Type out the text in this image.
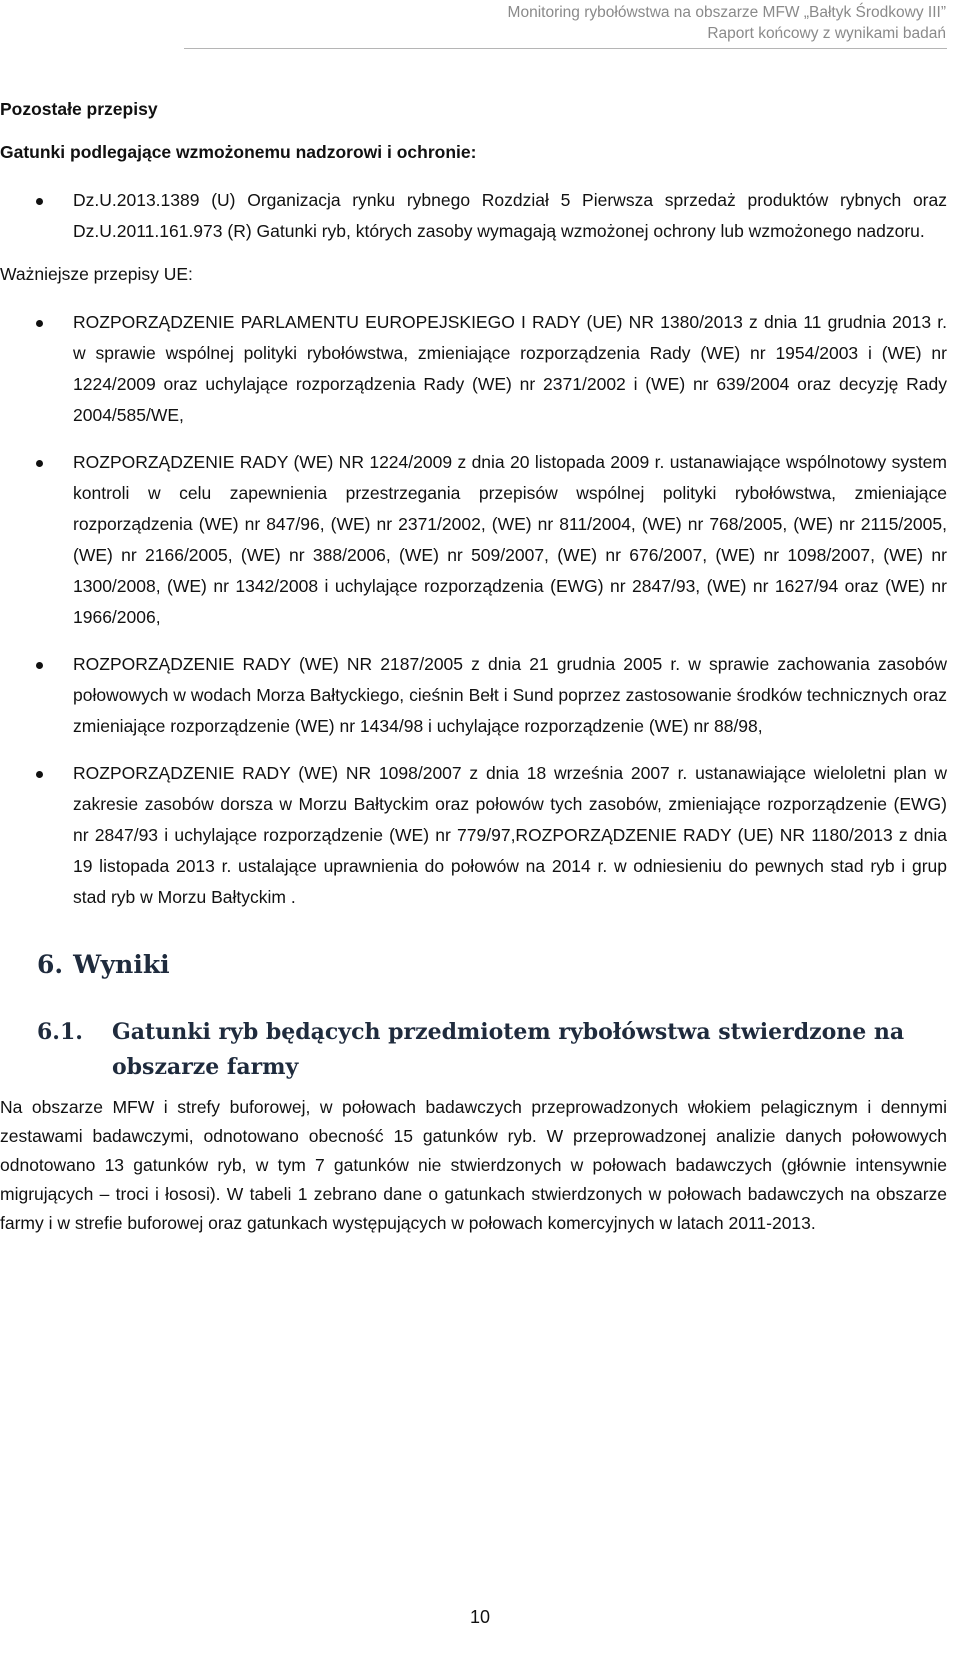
Monitoring rybołówstwa na obszarze MFW „Bałtyk Środkowy III”
Raport końcowy z wynikami badań

Pozostałe przepisy

Gatunki podlegające wzmożonemu nadzorowi i ochronie:

Dz.U.2013.1389 (U) Organizacja rynku rybnego Rozdział 5 Pierwsza sprzedaż produktów rybnych oraz Dz.U.2011.161.973 (R) Gatunki ryb, których zasoby wymagają wzmożonej ochrony lub wzmożonego nadzoru.

Ważniejsze przepisy UE:

ROZPORZĄDZENIE PARLAMENTU EUROPEJSKIEGO I RADY (UE) NR 1380/2013 z dnia 11 grudnia 2013 r. w sprawie wspólnej polityki rybołówstwa, zmieniające rozporządzenia Rady (WE) nr 1954/2003 i (WE) nr 1224/2009 oraz uchylające rozporządzenia Rady (WE) nr 2371/2002 i (WE) nr 639/2004 oraz decyzję Rady 2004/585/WE,
ROZPORZĄDZENIE RADY (WE) NR 1224/2009 z dnia 20 listopada 2009 r. ustanawiające wspólnotowy system kontroli w celu zapewnienia przestrzegania przepisów wspólnej polityki rybołówstwa, zmieniające rozporządzenia (WE) nr 847/96, (WE) nr 2371/2002, (WE) nr 811/2004, (WE) nr 768/2005, (WE) nr 2115/2005, (WE) nr 2166/2005, (WE) nr 388/2006, (WE) nr 509/2007, (WE) nr 676/2007, (WE) nr 1098/2007, (WE) nr 1300/2008, (WE) nr 1342/2008 i uchylające rozporządzenia (EWG) nr 2847/93, (WE) nr 1627/94 oraz (WE) nr 1966/2006,
ROZPORZĄDZENIE RADY (WE) NR 2187/2005 z dnia 21 grudnia 2005 r. w sprawie zachowania zasobów połowowych w wodach Morza Bałtyckiego, cieśnin Bełt i Sund poprzez zastosowanie środków technicznych oraz zmieniające rozporządzenie (WE) nr 1434/98 i uchylające rozporządzenie (WE) nr 88/98,
ROZPORZĄDZENIE RADY (WE) NR 1098/2007 z dnia 18 września 2007 r. ustanawiające wieloletni plan w zakresie zasobów dorsza w Morzu Bałtyckim oraz połowów tych zasobów, zmieniające rozporządzenie (EWG) nr 2847/93 i uchylające rozporządzenie (WE) nr 779/97,ROZPORZĄDZENIE RADY (UE) NR 1180/2013 z dnia 19 listopada 2013 r. ustalające uprawnienia do połowów na 2014 r. w odniesieniu do pewnych stad ryb i grup stad ryb w Morzu Bałtyckim .
6. Wyniki
6.1. Gatunki ryb będących przedmiotem rybołówstwa stwierdzone na obszarze farmy

Na obszarze MFW i strefy buforowej, w połowach badawczych przeprowadzonych włokiem pelagicznym i dennymi zestawami badawczymi, odnotowano obecność 15 gatunków ryb. W przeprowadzonej analizie danych połowowych odnotowano 13 gatunków ryb, w tym 7 gatunków nie stwierdzonych w połowach badawczych (głównie intensywnie migrujących – troci i łososi). W tabeli 1 zebrano dane o gatunkach stwierdzonych w połowach badawczych na obszarze farmy i w strefie buforowej oraz gatunkach występujących w połowach komercyjnych w latach 2011-2013.

10
